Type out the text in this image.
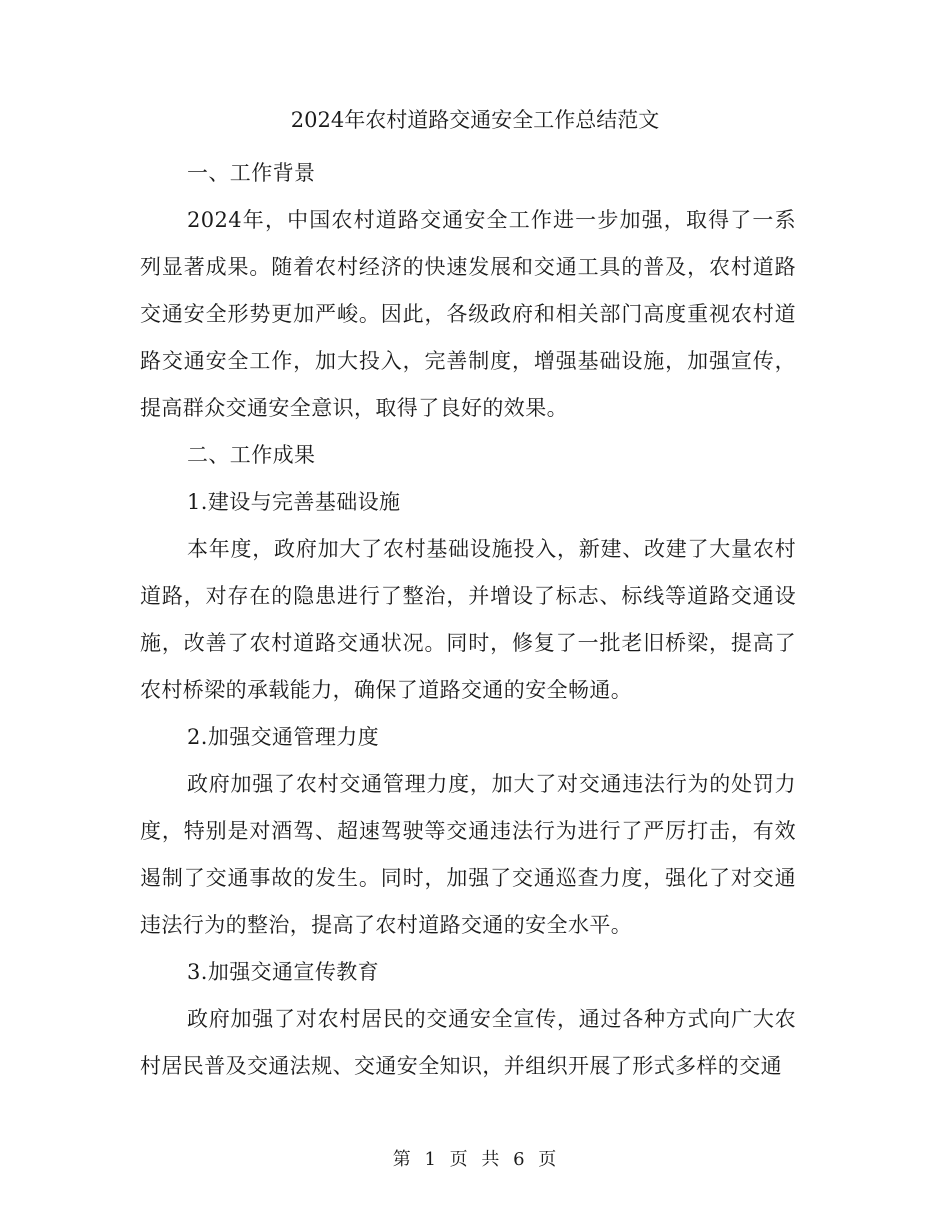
2024年农村道路交通安全工作总结范文

一、工作背景

2024年，中国农村道路交通安全工作进一步加强，取得了一系列显著成果。随着农村经济的快速发展和交通工具的普及，农村道路交通安全形势更加严峻。因此，各级政府和相关部门高度重视农村道路交通安全工作，加大投入，完善制度，增强基础设施，加强宣传，提高群众交通安全意识，取得了良好的效果。

二、工作成果

1.建设与完善基础设施

本年度，政府加大了农村基础设施投入，新建、改建了大量农村道路，对存在的隐患进行了整治，并增设了标志、标线等道路交通设施，改善了农村道路交通状况。同时，修复了一批老旧桥梁，提高了农村桥梁的承载能力，确保了道路交通的安全畅通。

2.加强交通管理力度

政府加强了农村交通管理力度，加大了对交通违法行为的处罚力度，特别是对酒驾、超速驾驶等交通违法行为进行了严厉打击，有效遏制了交通事故的发生。同时，加强了交通巡查力度，强化了对交通违法行为的整治，提高了农村道路交通的安全水平。

3.加强交通宣传教育

政府加强了对农村居民的交通安全宣传，通过各种方式向广大农村居民普及交通法规、交通安全知识，并组织开展了形式多样的交通

第 1 页 共 6 页
